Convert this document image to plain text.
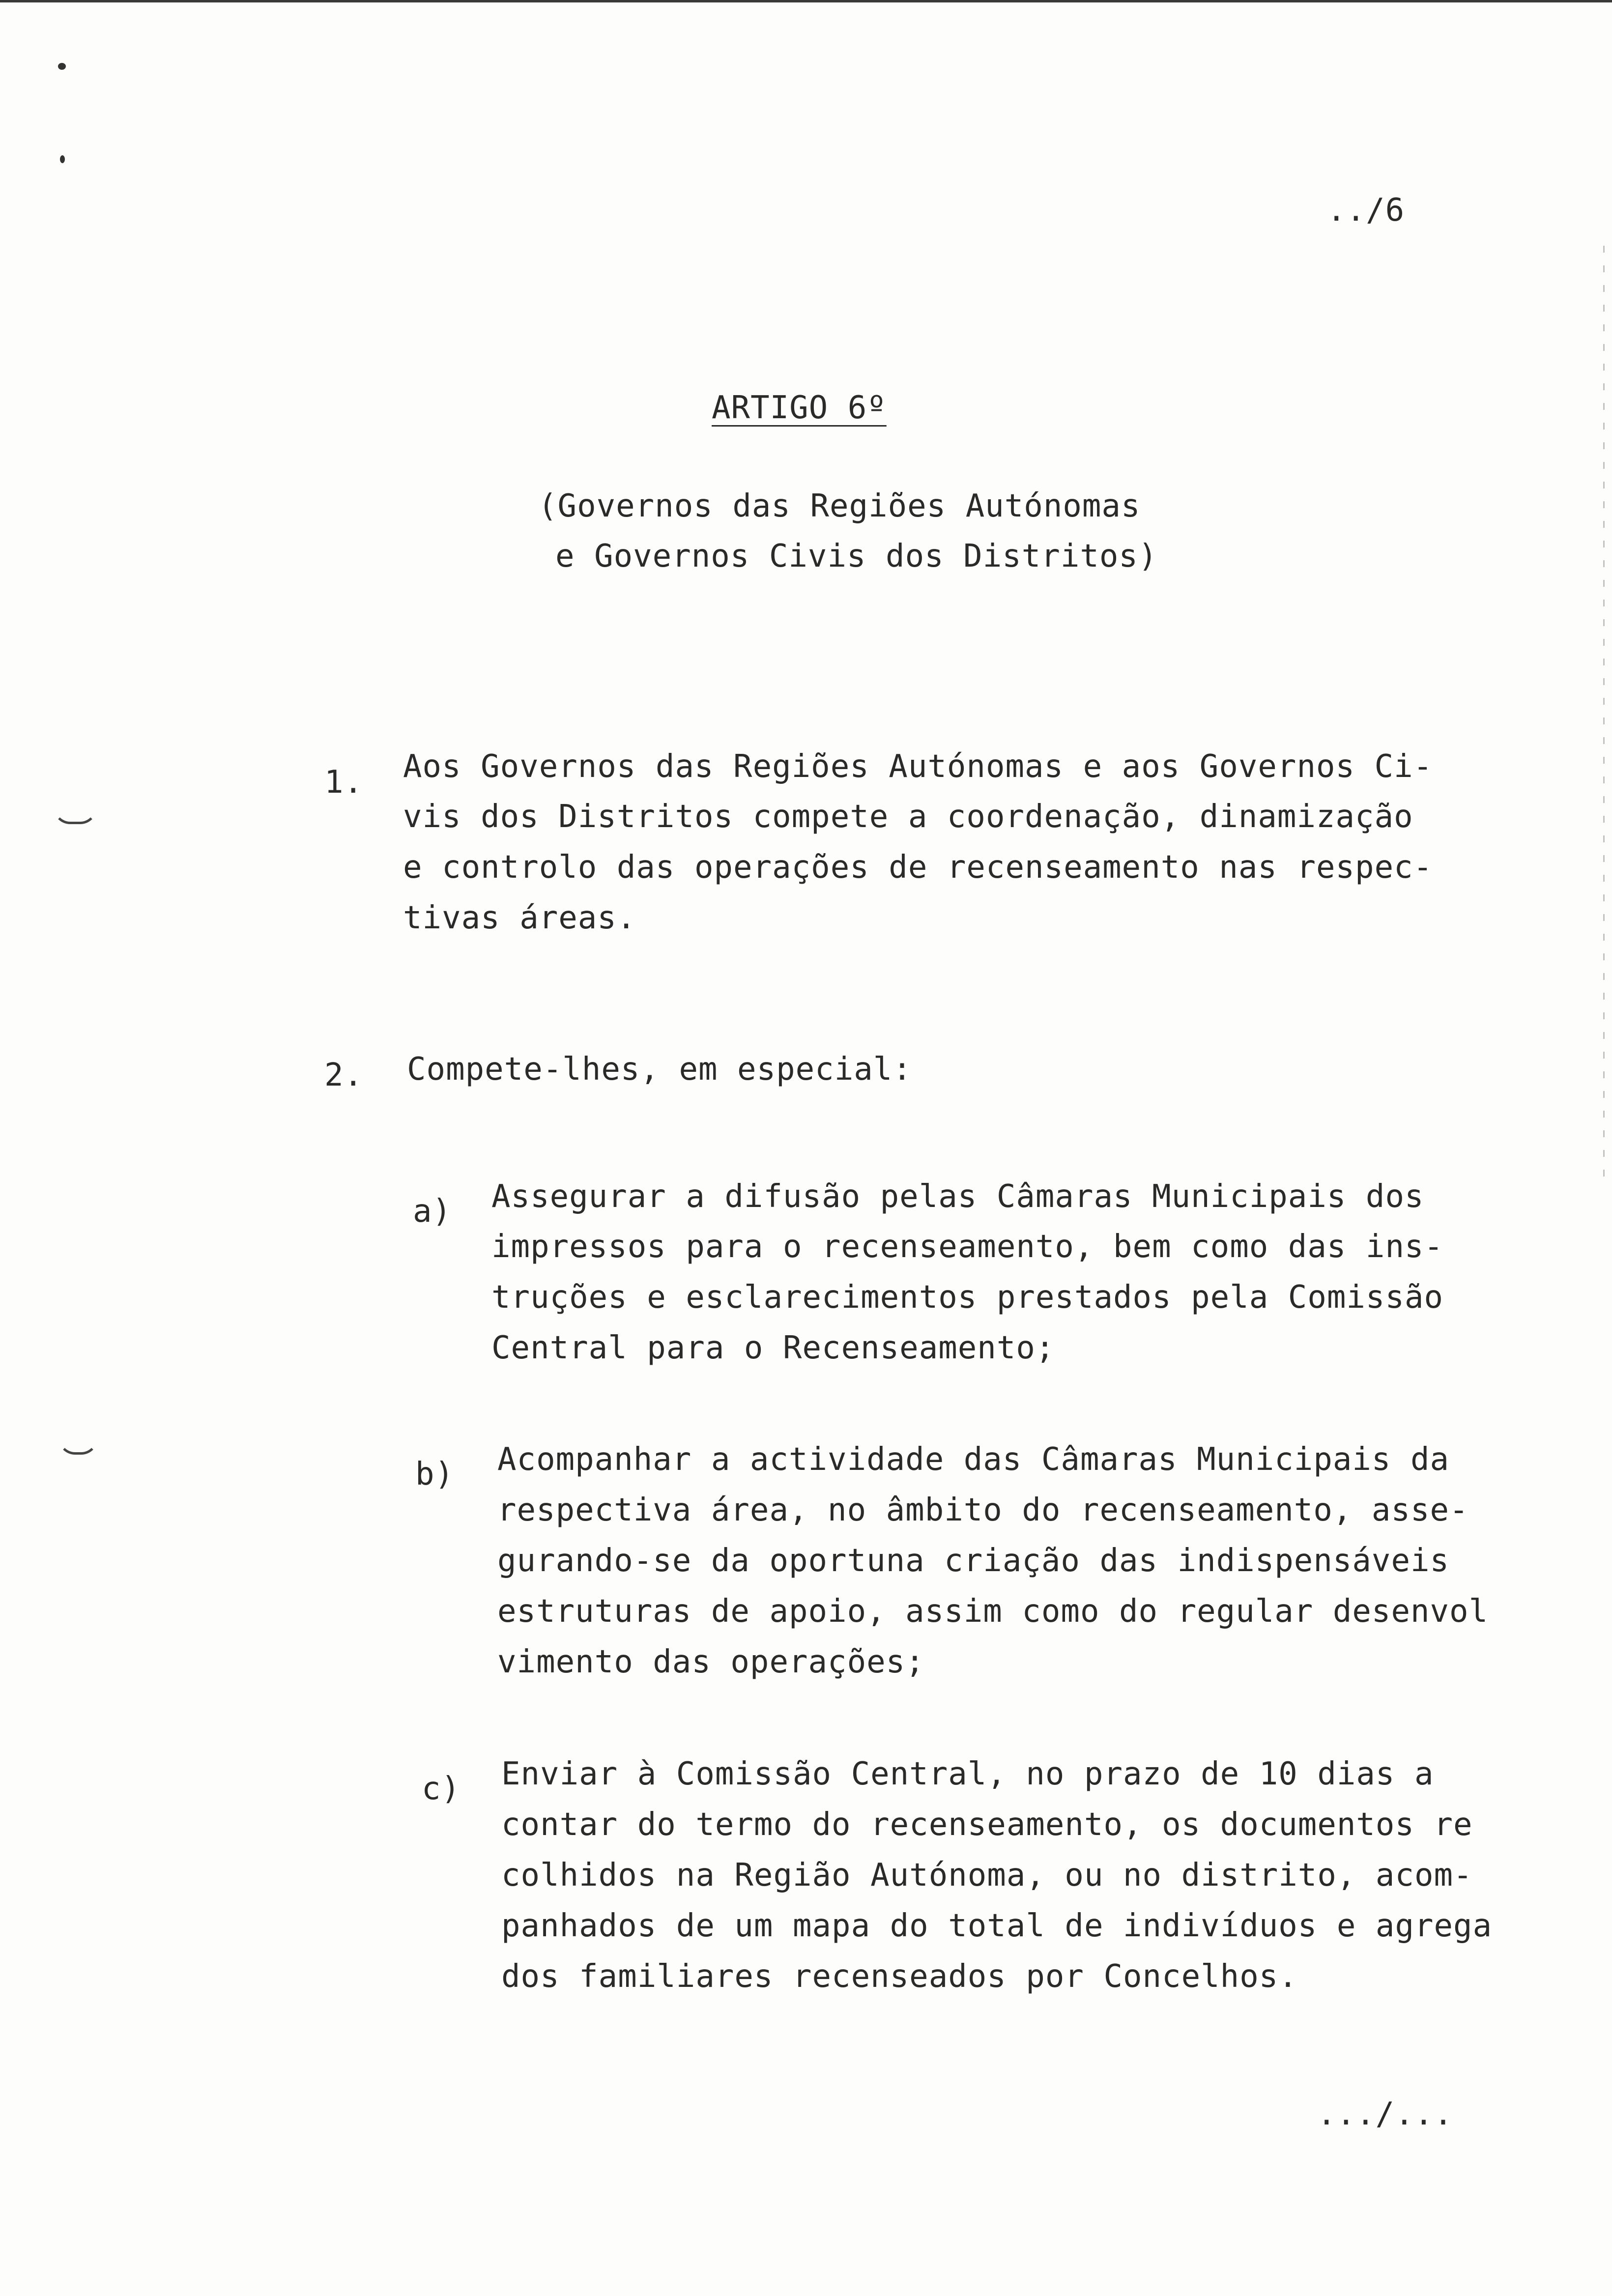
../6
ARTIGO 6º
(Governos das Regiões Autónomas
e Governos Civis dos Distritos)
1. Aos Governos das Regiões Autónomas e aos Governos Ci-
vis dos Distritos compete a coordenação, dinamização
e controlo das operações de recenseamento nas respec-
tivas áreas.
2. Compete-lhes, em especial:
a) Assegurar a difusão pelas Câmaras Municipais dos
impressos para o recenseamento, bem como das ins-
truções e esclarecimentos prestados pela Comissão
Central para o Recenseamento;
b) Acompanhar a actividade das Câmaras Municipais da
respectiva área, no âmbito do recenseamento, asse-
gurando-se da oportuna criação das indispensáveis
estruturas de apoio, assim como do regular desenvol
vimento das operações;
c) Enviar à Comissão Central, no prazo de 10 dias a
contar do termo do recenseamento, os documentos re
colhidos na Região Autónoma, ou no distrito, acom-
panhados de um mapa do total de indivíduos e agrega
dos familiares recenseados por Concelhos.
.../...
